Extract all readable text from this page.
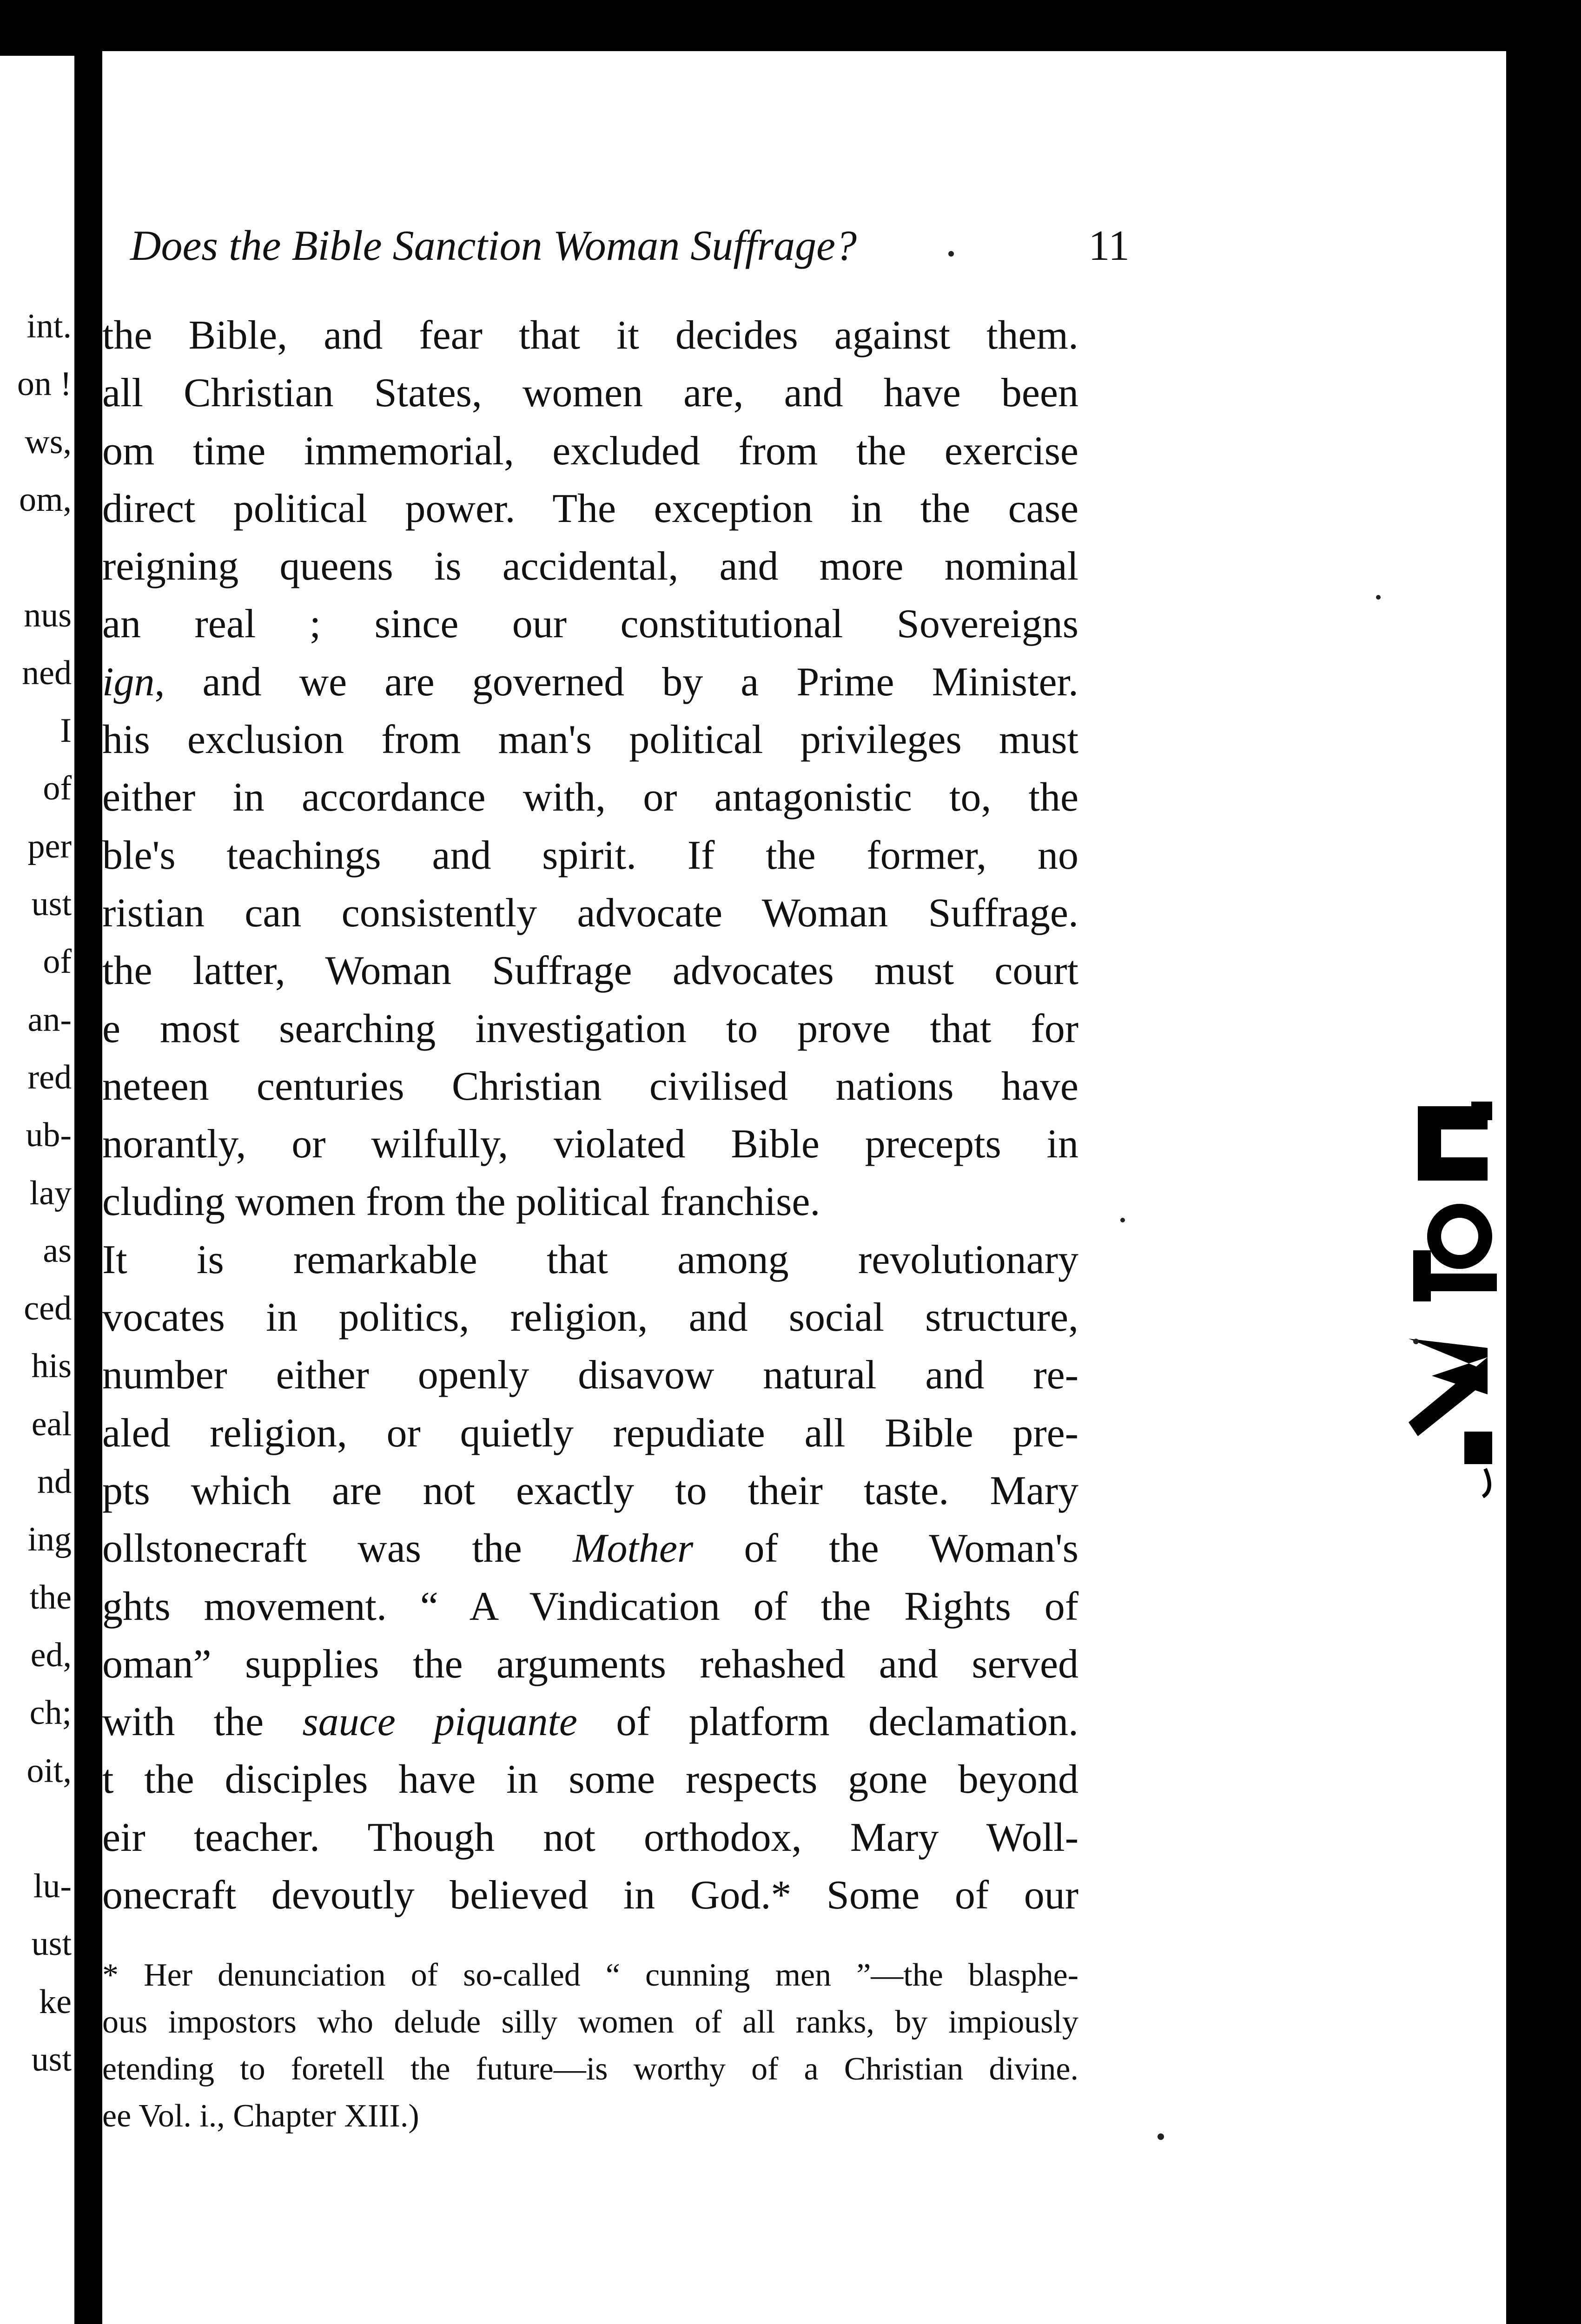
int.
on !
ws,
om,
nus
ned
I
of
per
ust
of
an-
red
ub-
lay
as
ced
his
eal
nd
ing
the
ed,
ch;
oit,
lu-
ust
ke
ust
Does the Bible Sanction Woman Suffrage?	11
the Bible, and fear that it decides against them.
all Christian States, women are, and have been
om time immemorial, excluded from the exercise
direct political power. The exception in the case
reigning queens is accidental, and more nominal
an real ; since our constitutional Sovereigns
ign, and we are governed by a Prime Minister.
his exclusion from man's political privileges must
either in accordance with, or antagonistic to, the
ble's teachings and spirit. If the former, no
ristian can consistently advocate Woman Suffrage.
the latter, Woman Suffrage advocates must court
e most searching investigation to prove that for
neteen centuries Christian civilised nations have
norantly, or wilfully, violated Bible precepts in
cluding women from the political franchise.
It is remarkable that among revolutionary
vocates in politics, religion, and social structure,
number either openly disavow natural and re-
aled religion, or quietly repudiate all Bible pre-
pts which are not exactly to their taste. Mary
ollstonecraft was the Mother of the Woman's
ghts movement. “ A Vindication of the Rights of
oman” supplies the arguments rehashed and served
with the sauce piquante of platform declamation.
t the disciples have in some respects gone beyond
eir teacher. Though not orthodox, Mary Woll-
onecraft devoutly believed in God.* Some of our
* Her denunciation of so-called “ cunning men ”—the blasphe-
ous impostors who delude silly women of all ranks, by impiously
etending to foretell the future—is worthy of a Christian divine.
ee Vol. i., Chapter XIII.)
